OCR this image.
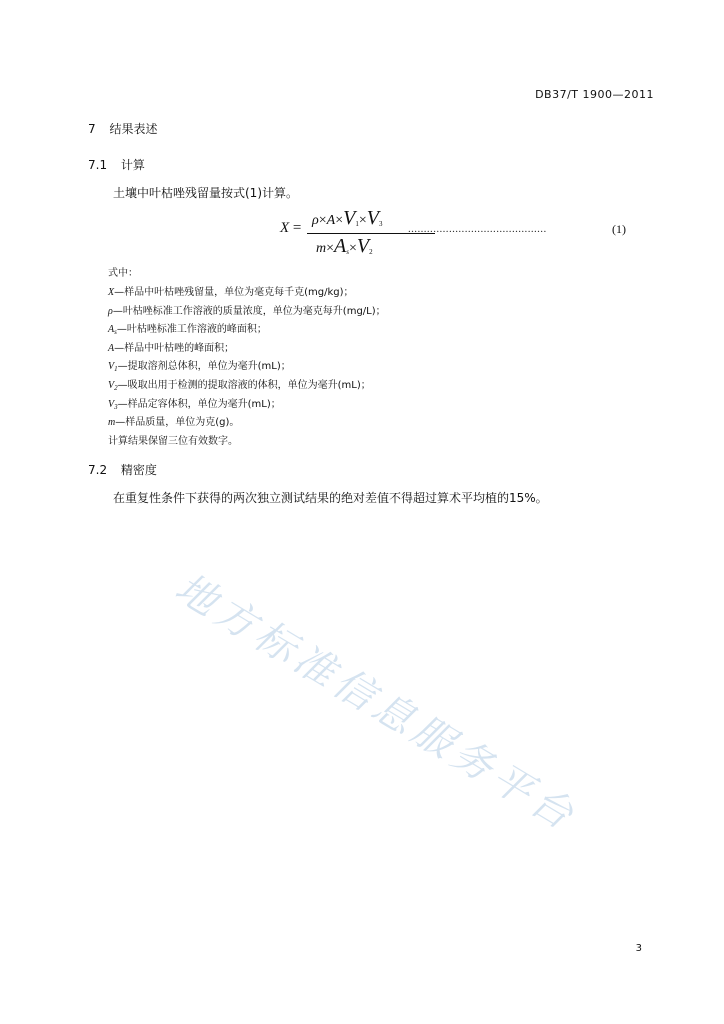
DB37/T 1900—2011
7 结果表述
7.1 计算
土壤中叶枯唑残留量按式(1)计算。
$X = \rho\times A\times V_1\times V_3$
$m\times A_s\times V_2$
............................................	(1)
式中：
X—样品中叶枯唑残留量，单位为毫克每千克(mg/kg)；
ρ—叶枯唑标准工作溶液的质量浓度，单位为毫克每升(mg/L)；
$A_s—$叶枯唑标准工作溶液的峰面积；
A—样品中叶枯唑的峰面积；
$V_1—$提取溶剂总体积，单位为毫升(mL)；
$V_2—$吸取出用于检测的提取溶液的体积，单位为毫升(mL)；
$V_3—$样品定容体积，单位为毫升(mL)；
m—样品质量，单位为克(g)。
计算结果保留三位有效数字。
7.2 精密度
在重复性条件下获得的两次独立测试结果的绝对差值不得超过算术平均植的15%。
地方标准信息服务平台
3
